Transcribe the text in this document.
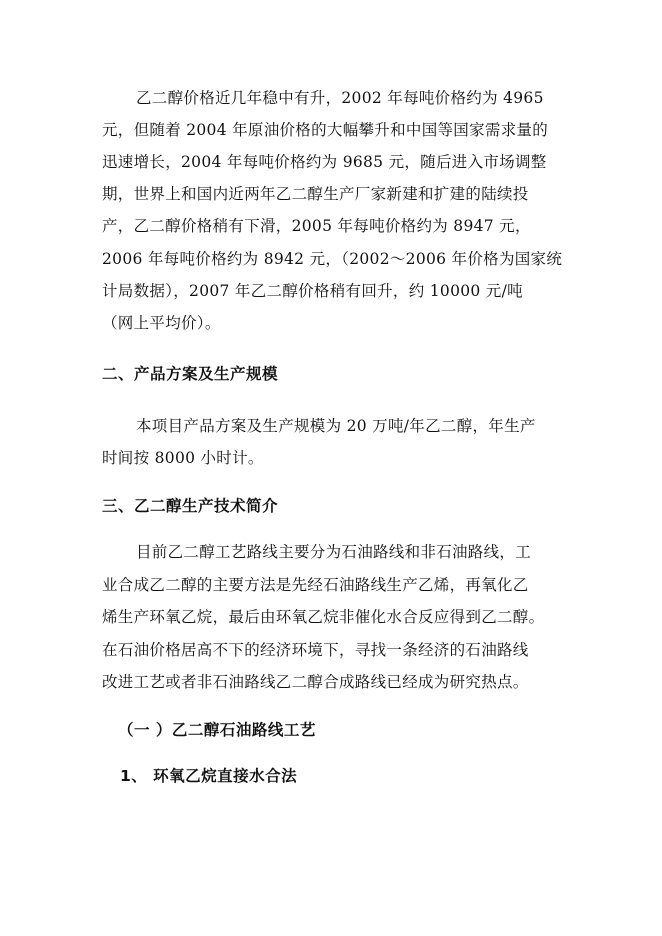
乙二醇价格近几年稳中有升，2002 年每吨价格约为 4965
元，但随着 2004 年原油价格的大幅攀升和中国等国家需求量的
迅速增长，2004 年每吨价格约为 9685 元，随后进入市场调整
期，世界上和国内近两年乙二醇生产厂家新建和扩建的陆续投
产，乙二醇价格稍有下滑，2005 年每吨价格约为 8947 元，
2006 年每吨价格约为 8942 元，（2002～2006 年价格为国家统
计局数据），2007 年乙二醇价格稍有回升，约 10000 元/吨
（网上平均价）。
二、产品方案及生产规模
本项目产品方案及生产规模为 20 万吨/年乙二醇，年生产
时间按 8000 小时计。
三、乙二醇生产技术简介
目前乙二醇工艺路线主要分为石油路线和非石油路线，工
业合成乙二醇的主要方法是先经石油路线生产乙烯，再氧化乙
烯生产环氧乙烷，最后由环氧乙烷非催化水合反应得到乙二醇。
在石油价格居高不下的经济环境下，寻找一条经济的石油路线
改进工艺或者非石油路线乙二醇合成路线已经成为研究热点。
（一 ）乙二醇石油路线工艺
1、 环氧乙烷直接水合法
